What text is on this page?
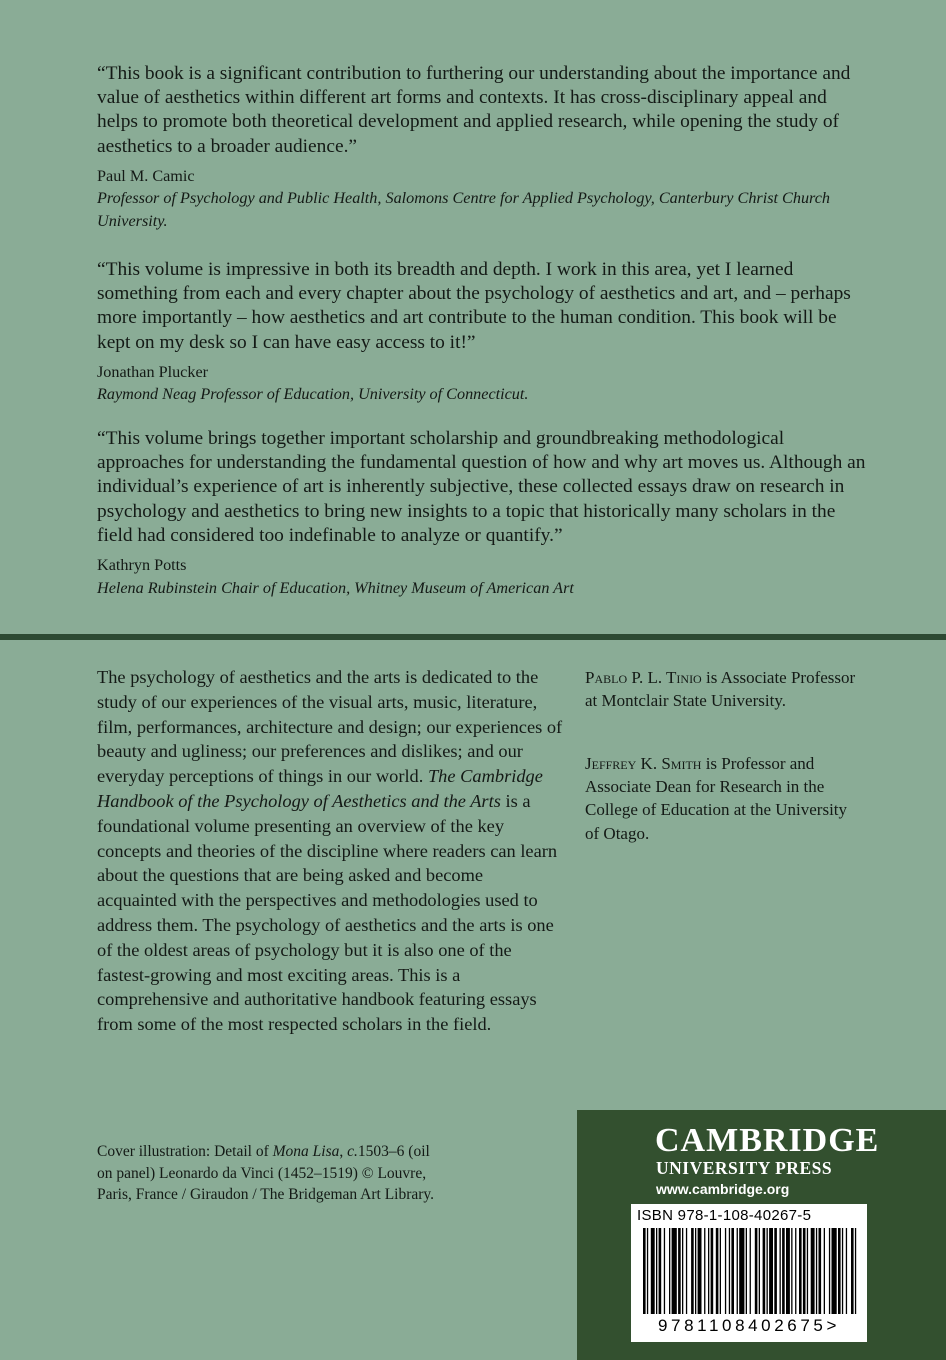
“This book is a significant contribution to furthering our understanding about the importance and value of aesthetics within different art forms and contexts. It has cross-disciplinary appeal and helps to promote both theoretical development and applied research, while opening the study of aesthetics to a broader audience.”

Paul M. Camic
Professor of Psychology and Public Health, Salomons Centre for Applied Psychology, Canterbury Christ Church University.

“This volume is impressive in both its breadth and depth. I work in this area, yet I learned something from each and every chapter about the psychology of aesthetics and art, and – perhaps more importantly – how aesthetics and art contribute to the human condition. This book will be kept on my desk so I can have easy access to it!”

Jonathan Plucker
Raymond Neag Professor of Education, University of Connecticut.

“This volume brings together important scholarship and groundbreaking methodological approaches for understanding the fundamental question of how and why art moves us. Although an individual’s experience of art is inherently subjective, these collected essays draw on research in psychology and aesthetics to bring new insights to a topic that historically many scholars in the field had considered too indefinable to analyze or quantify.”

Kathryn Potts
Helena Rubinstein Chair of Education, Whitney Museum of American Art

The psychology of aesthetics and the arts is dedicated to the study of our experiences of the visual arts, music, literature, film, performances, architecture and design; our experiences of beauty and ugliness; our preferences and dislikes; and our everyday perceptions of things in our world. The Cambridge Handbook of the Psychology of Aesthetics and the Arts is a foundational volume presenting an overview of the key concepts and theories of the discipline where readers can learn about the questions that are being asked and become acquainted with the perspectives and methodologies used to address them. The psychology of aesthetics and the arts is one of the oldest areas of psychology but it is also one of the fastest-growing and most exciting areas. This is a comprehensive and authoritative handbook featuring essays from some of the most respected scholars in the field.

Cover illustration: Detail of Mona Lisa, c.1503–6 (oil on panel) Leonardo da Vinci (1452–1519) © Louvre, Paris, France / Giraudon / The Bridgeman Art Library.

Pablo P. L. Tinio is Associate Professor at Montclair State University.

Jeffrey K. Smith is Professor and Associate Dean for Research in the College of Education at the University of Otago.

CAMBRIDGE
UNIVERSITY PRESS
www.cambridge.org
ISBN 978-1-108-40267-5
9781108402675>
